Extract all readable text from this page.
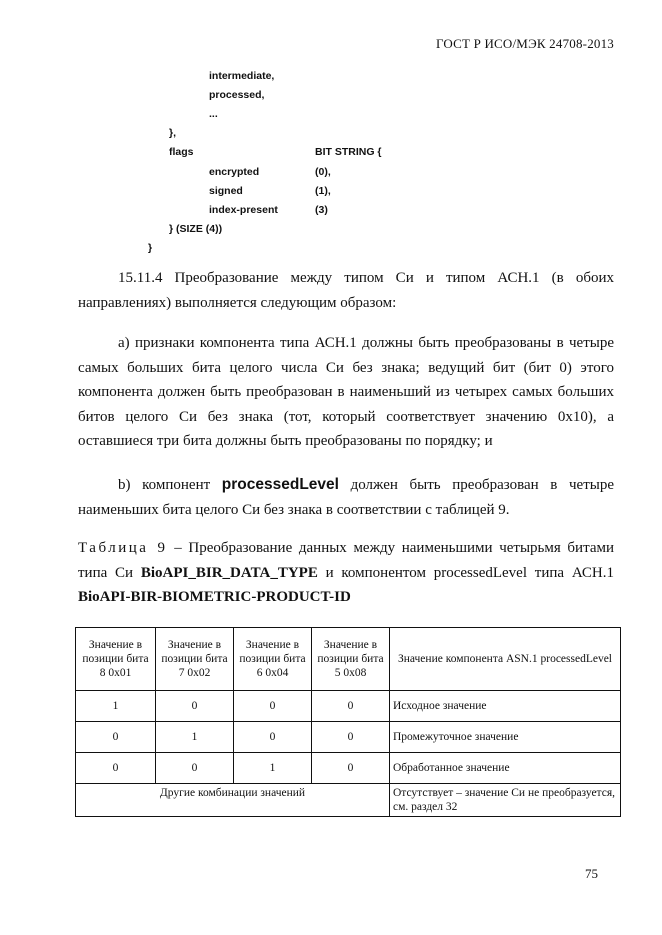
ГОСТ Р ИСО/МЭК 24708-2013
intermediate,
processed,
...
},
flags	BIT STRING {
encrypted	(0),
signed	(1),
index-present	(3)
} (SIZE (4))
}
15.11.4 Преобразование между типом Си и типом АСН.1 (в обоих направлениях) выполняется следующим образом:
a) признаки компонента типа АСН.1 должны быть преобразованы в четыре самых больших бита целого числа Си без знака; ведущий бит (бит 0) этого компонента должен быть преобразован в наименьший из четырех самых больших битов целого Си без знака (тот, который соответствует значению 0x10), а оставшиеся три бита должны быть преобразованы по порядку; и
b) компонент processedLevel должен быть преобразован в четыре наименьших бита целого Си без знака в соответствии с таблицей 9.
Таблица 9 – Преобразование данных между наименьшими четырьмя битами типа Си BioAPI_BIR_DATA_TYPE и компонентом processedLevel типа АСН.1 BioAPI-BIR-BIOMETRIC-PRODUCT-ID
Значение в позиции бита 8 0x01	Значение в позиции бита 7 0x02	Значение в позиции бита 6 0x04	Значение в позиции бита 5 0x08	Значение компонента ASN.1 processedLevel
1	0	0	0	Исходное значение
0	1	0	0	Промежуточное значение
0	0	1	0	Обработанное значение
Другие комбинации значений				Отсутствует – значение Си не преобразуется, см. раздел 32
75
